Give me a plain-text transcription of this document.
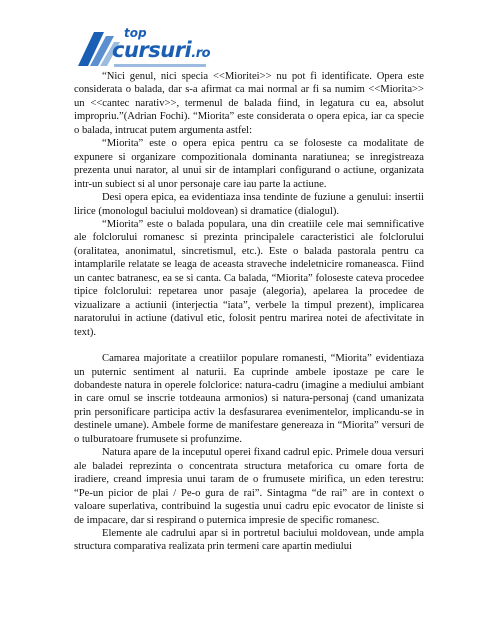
top
cursuri.ro

“Nici genul, nici specia <<Mioritei>> nu pot fi identificate. Opera este considerata o balada, dar s-a afirmat ca mai normal ar fi sa numim <<Miorita>> un <<cantec narativ>>, termenul de balada fiind, in legatura cu ea, absolut impropriu.”(Adrian Fochi). “Miorita” este considerata o opera epica, iar ca specie o balada, intrucat putem argumenta astfel:

“Miorita” este o opera epica pentru ca se foloseste ca modalitate de expunere si organizare compozitionala dominanta naratiunea; se inregistreaza prezenta unui narator, al unui sir de intamplari configurand o actiune, organizata intr-un subiect si al unor personaje care iau parte la actiune.

Desi opera epica, ea evidentiaza insa tendinte de fuziune a genului: insertii lirice (monologul baciului moldovean) si dramatice (dialogul).

“Miorita” este o balada populara, una din creatiile cele mai semnificative ale folclorului romanesc si prezinta principalele caracteristici ale folclorului (oralitatea, anonimatul, sincretismul, etc.). Este o balada pastorala pentru ca intamplarile relatate se leaga de aceasta straveche indeletnicire romaneasca. Fiind un cantec batranesc, ea se si canta. Ca balada, “Miorita” foloseste cateva procedee tipice folclorului: repetarea unor pasaje (alegoria), apelarea la procedee de vizualizare a actiunii (interjectia “iata”, verbele la timpul prezent), implicarea naratorului in actiune (dativul etic, folosit pentru marirea notei de afectivitate in text).

Camarea majoritate a creatiilor populare romanesti, “Miorita” evidentiaza un puternic sentiment al naturii. Ea cuprinde ambele ipostaze pe care le dobandeste natura in operele folclorice: natura-cadru (imagine a mediului ambiant in care omul se inscrie totdeauna armonios) si natura-personaj (cand umanizata prin personificare participa activ la desfasurarea evenimentelor, implicandu-se in destinele umane). Ambele forme de manifestare genereaza in “Miorita” versuri de o tulburatoare frumusete si profunzime.

Natura apare de la inceputul operei fixand cadrul epic. Primele doua versuri ale baladei reprezinta o concentrata structura metaforica cu omare forta de iradiere, creand impresia unui taram de o frumusete mirifica, un eden terestru: “Pe-un picior de plai / Pe-o gura de rai”. Sintagma “de rai” are in context o valoare superlativa, contribuind la sugestia unui cadru epic evocator de liniste si de impacare, dar si respirand o puternica impresie de specific romanesc.

Elemente ale cadrului apar si in portretul baciului moldovean, unde ampla structura comparativa realizata prin termeni care apartin mediului
